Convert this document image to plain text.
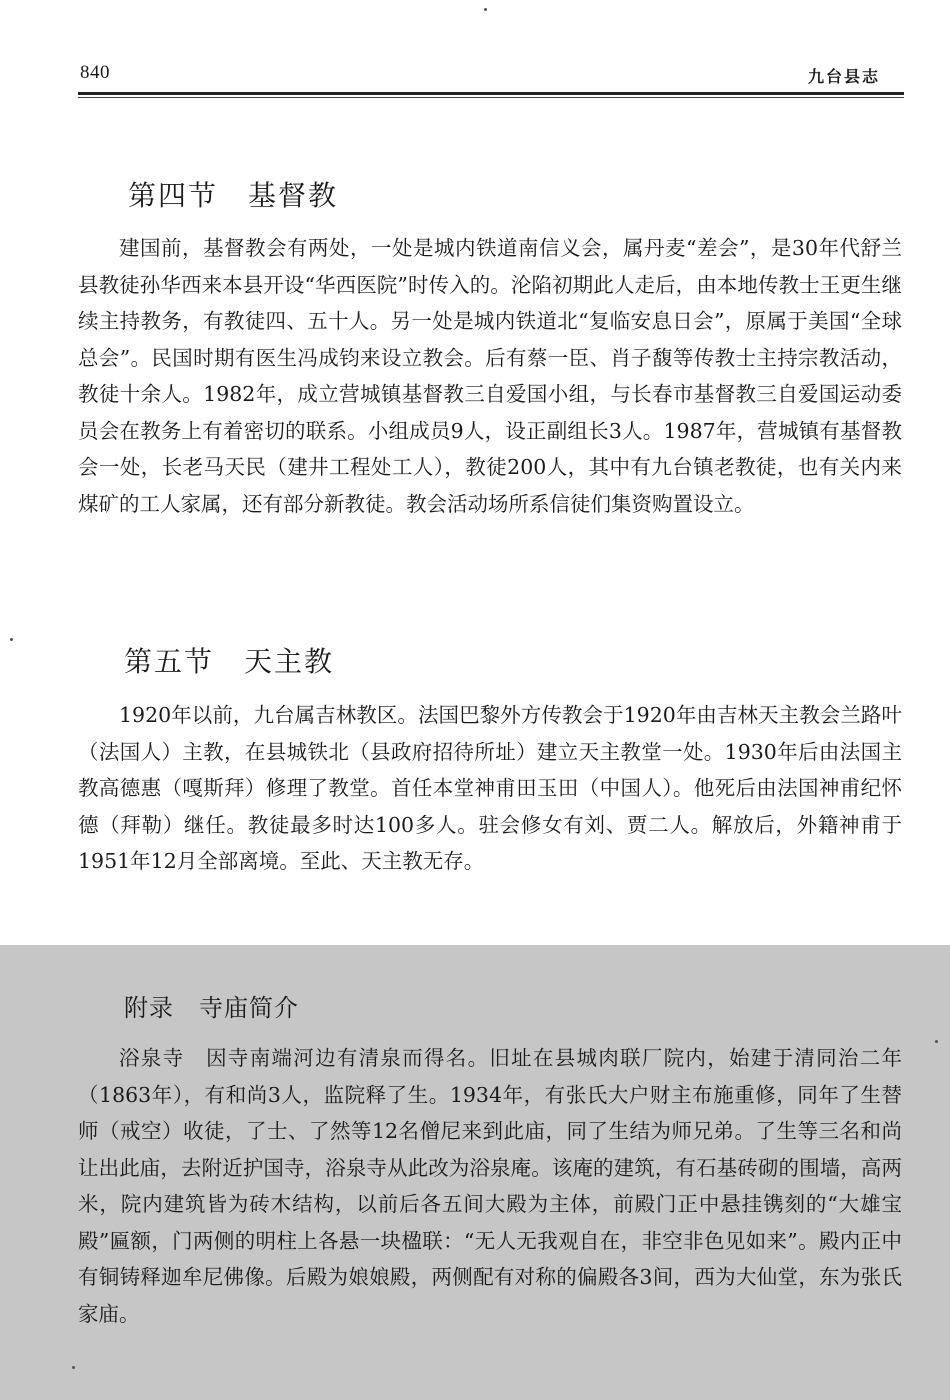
840	九台县志
第四节　基督教

建国前，基督教会有两处，一处是城内铁道南信义会，属丹麦“差会”，是30年代舒兰县教徒孙华西来本县开设“华西医院”时传入的。沦陷初期此人走后，由本地传教士王更生继续主持教务，有教徒四、五十人。另一处是城内铁道北“复临安息日会”，原属于美国“全球总会”。民国时期有医生冯成钧来设立教会。后有蔡一臣、肖子馥等传教士主持宗教活动，教徒十余人。1982年，成立营城镇基督教三自爱国小组，与长春市基督教三自爱国运动委员会在教务上有着密切的联系。小组成员9人，设正副组长3人。1987年，营城镇有基督教会一处，长老马天民（建井工程处工人），教徒200人，其中有九台镇老教徒，也有关内来煤矿的工人家属，还有部分新教徒。教会活动场所系信徒们集资购置设立。

第五节　天主教

1920年以前，九台属吉林教区。法国巴黎外方传教会于1920年由吉林天主教会兰路叶（法国人）主教，在县城铁北（县政府招待所址）建立天主教堂一处。1930年后由法国主教高德惠（嘎斯拜）修理了教堂。首任本堂神甫田玉田（中国人）。他死后由法国神甫纪怀德（拜勒）继任。教徒最多时达100多人。驻会修女有刘、贾二人。解放后，外籍神甫于1951年12月全部离境。至此、天主教无存。

附录　寺庙简介

浴泉寺　因寺南端河边有清泉而得名。旧址在县城肉联厂院内，始建于清同治二年（1863年），有和尚3人，监院释了生。1934年，有张氏大户财主布施重修，同年了生替师（戒空）收徒，了士、了然等12名僧尼来到此庙，同了生结为师兄弟。了生等三名和尚让出此庙，去附近护国寺，浴泉寺从此改为浴泉庵。该庵的建筑，有石基砖砌的围墙，高两米，院内建筑皆为砖木结构，以前后各五间大殿为主体，前殿门正中悬挂镌刻的“大雄宝殿”匾额，门两侧的明柱上各悬一块楹联：“无人无我观自在，非空非色见如来”。殿内正中有铜铸释迦牟尼佛像。后殿为娘娘殿，两侧配有对称的偏殿各3间，西为大仙堂，东为张氏家庙。
